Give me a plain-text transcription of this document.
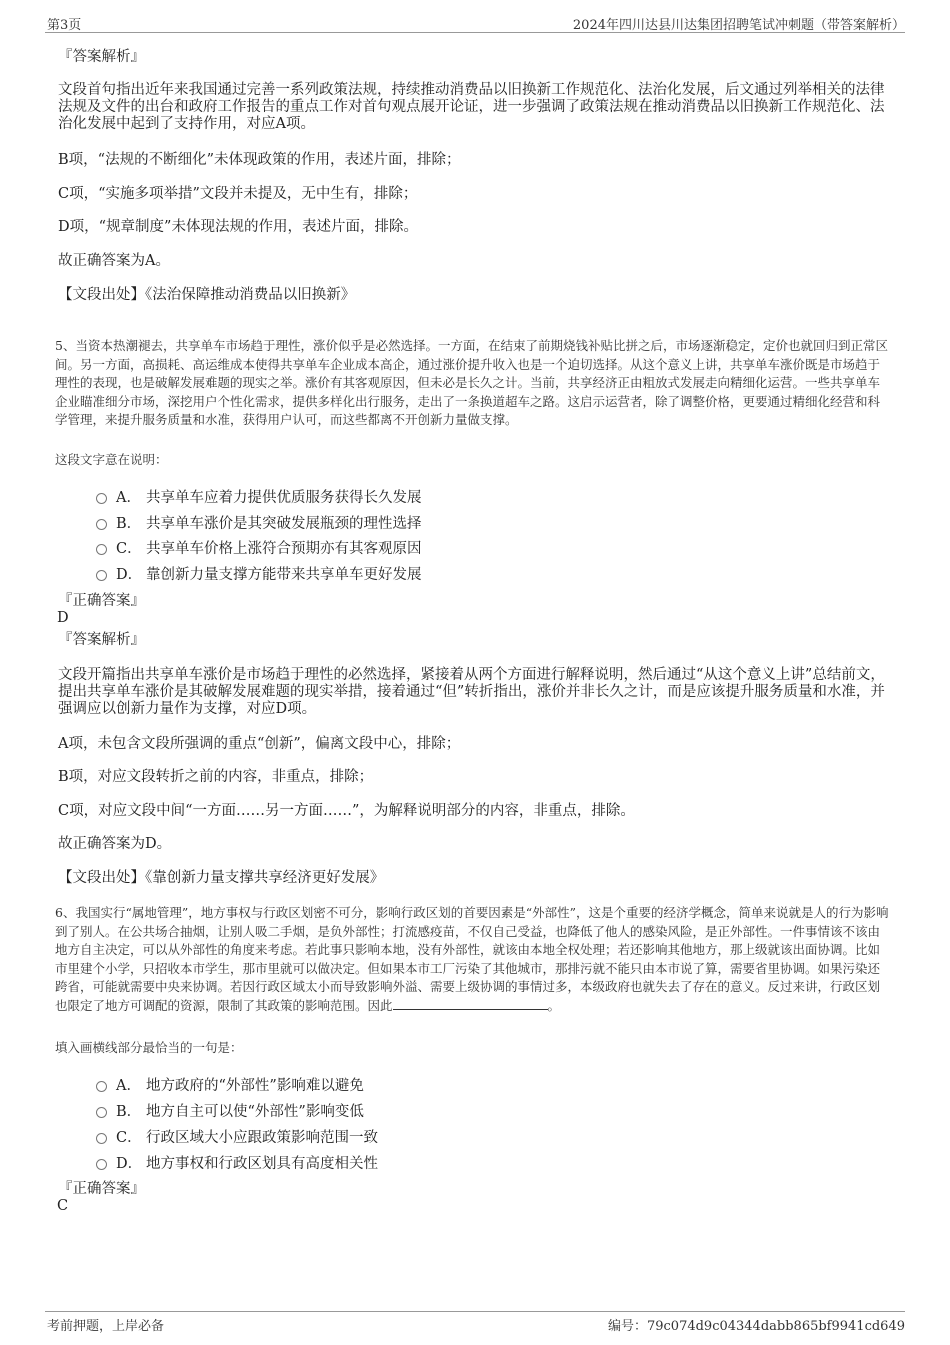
第3页	2024年四川达县川达集团招聘笔试冲刺题（带答案解析）
『答案解析』
文段首句指出近年来我国通过完善一系列政策法规，持续推动消费品以旧换新工作规范化、法治化发展，后文通过列举相关的法律法规及文件的出台和政府工作报告的重点工作对首句观点展开论证，进一步强调了政策法规在推动消费品以旧换新工作规范化、法治化发展中起到了支持作用，对应A项。
B项，“法规的不断细化”未体现政策的作用，表述片面，排除；
C项，“实施多项举措”文段并未提及，无中生有，排除；
D项，“规章制度”未体现法规的作用，表述片面，排除。
故正确答案为A。
【文段出处】《法治保障推动消费品以旧换新》
5、当资本热潮褪去，共享单车市场趋于理性，涨价似乎是必然选择。一方面，在结束了前期烧钱补贴比拼之后，市场逐渐稳定，定价也就回归到正常区间。另一方面，高损耗、高运维成本使得共享单车企业成本高企，通过涨价提升收入也是一个迫切选择。从这个意义上讲，共享单车涨价既是市场趋于理性的表现，也是破解发展难题的现实之举。涨价有其客观原因，但未必是长久之计。当前，共享经济正由粗放式发展走向精细化运营。一些共享单车企业瞄准细分市场，深挖用户个性化需求，提供多样化出行服务，走出了一条换道超车之路。这启示运营者，除了调整价格，更要通过精细化经营和科学管理，来提升服务质量和水准，获得用户认可，而这些都离不开创新力量做支撑。
这段文字意在说明：
A． 共享单车应着力提供优质服务获得长久发展
B． 共享单车涨价是其突破发展瓶颈的理性选择
C． 共享单车价格上涨符合预期亦有其客观原因
D． 靠创新力量支撑方能带来共享单车更好发展
『正确答案』
D
『答案解析』
文段开篇指出共享单车涨价是市场趋于理性的必然选择，紧接着从两个方面进行解释说明，然后通过“从这个意义上讲”总结前文，提出共享单车涨价是其破解发展难题的现实举措，接着通过“但”转折指出，涨价并非长久之计，而是应该提升服务质量和水准，并强调应以创新力量作为支撑，对应D项。
A项，未包含文段所强调的重点“创新”，偏离文段中心，排除；
B项，对应文段转折之前的内容，非重点，排除；
C项，对应文段中间“一方面……另一方面……”，为解释说明部分的内容，非重点，排除。
故正确答案为D。
【文段出处】《靠创新力量支撑共享经济更好发展》
6、我国实行“属地管理”，地方事权与行政区划密不可分，影响行政区划的首要因素是“外部性”，这是个重要的经济学概念，简单来说就是人的行为影响到了别人。在公共场合抽烟，让别人吸二手烟，是负外部性；打流感疫苗，不仅自己受益，也降低了他人的感染风险，是正外部性。一件事情该不该由地方自主决定，可以从外部性的角度来考虑。若此事只影响本地，没有外部性，就该由本地全权处理；若还影响其他地方，那上级就该出面协调。比如市里建个小学，只招收本市学生，那市里就可以做决定。但如果本市工厂污染了其他城市，那排污就不能只由本市说了算，需要省里协调。如果污染还跨省，可能就需要中央来协调。若因行政区域太小而导致影响外溢、需要上级协调的事情过多，本级政府也就失去了存在的意义。反过来讲，行政区划也限定了地方可调配的资源，限制了其政策的影响范围。因此	。
填入画横线部分最恰当的一句是：
A． 地方政府的“外部性”影响难以避免
B． 地方自主可以使“外部性”影响变低
C． 行政区域大小应跟政策影响范围一致
D． 地方事权和行政区划具有高度相关性
『正确答案』
C
考前押题，上岸必备	编号：79c074d9c04344dabb865bf9941cd649
